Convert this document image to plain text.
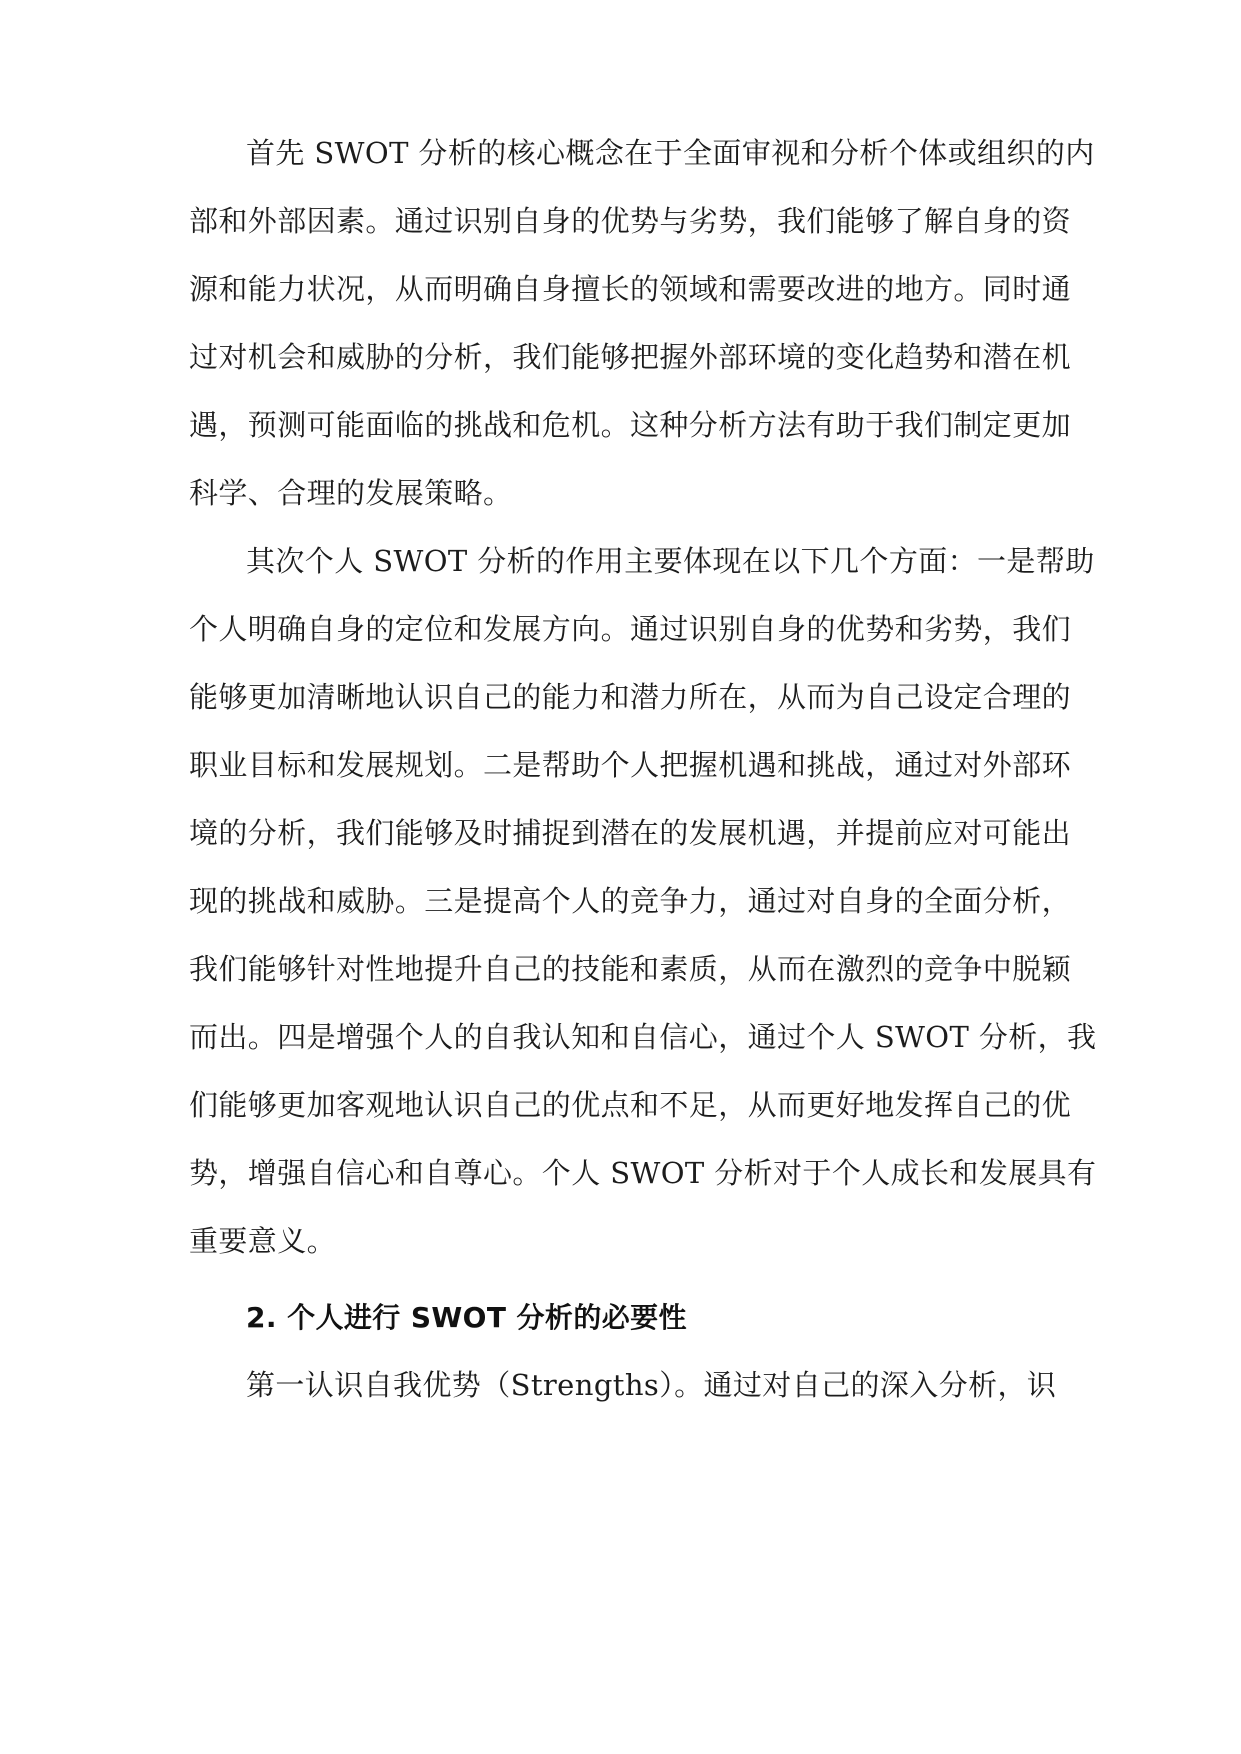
首先 SWOT 分析的核心概念在于全面审视和分析个体或组织的内
部和外部因素。通过识别自身的优势与劣势，我们能够了解自身的资
源和能力状况，从而明确自身擅长的领域和需要改进的地方。同时通
过对机会和威胁的分析，我们能够把握外部环境的变化趋势和潜在机
遇，预测可能面临的挑战和危机。这种分析方法有助于我们制定更加
科学、合理的发展策略。
其次个人 SWOT 分析的作用主要体现在以下几个方面：一是帮助
个人明确自身的定位和发展方向。通过识别自身的优势和劣势，我们
能够更加清晰地认识自己的能力和潜力所在，从而为自己设定合理的
职业目标和发展规划。二是帮助个人把握机遇和挑战，通过对外部环
境的分析，我们能够及时捕捉到潜在的发展机遇，并提前应对可能出
现的挑战和威胁。三是提高个人的竞争力，通过对自身的全面分析，
我们能够针对性地提升自己的技能和素质，从而在激烈的竞争中脱颖
而出。四是增强个人的自我认知和自信心，通过个人 SWOT 分析，我
们能够更加客观地认识自己的优点和不足，从而更好地发挥自己的优
势，增强自信心和自尊心。个人 SWOT 分析对于个人成长和发展具有
重要意义。
2. 个人进行 SWOT 分析的必要性
第一认识自我优势（Strengths）。通过对自己的深入分析，识
